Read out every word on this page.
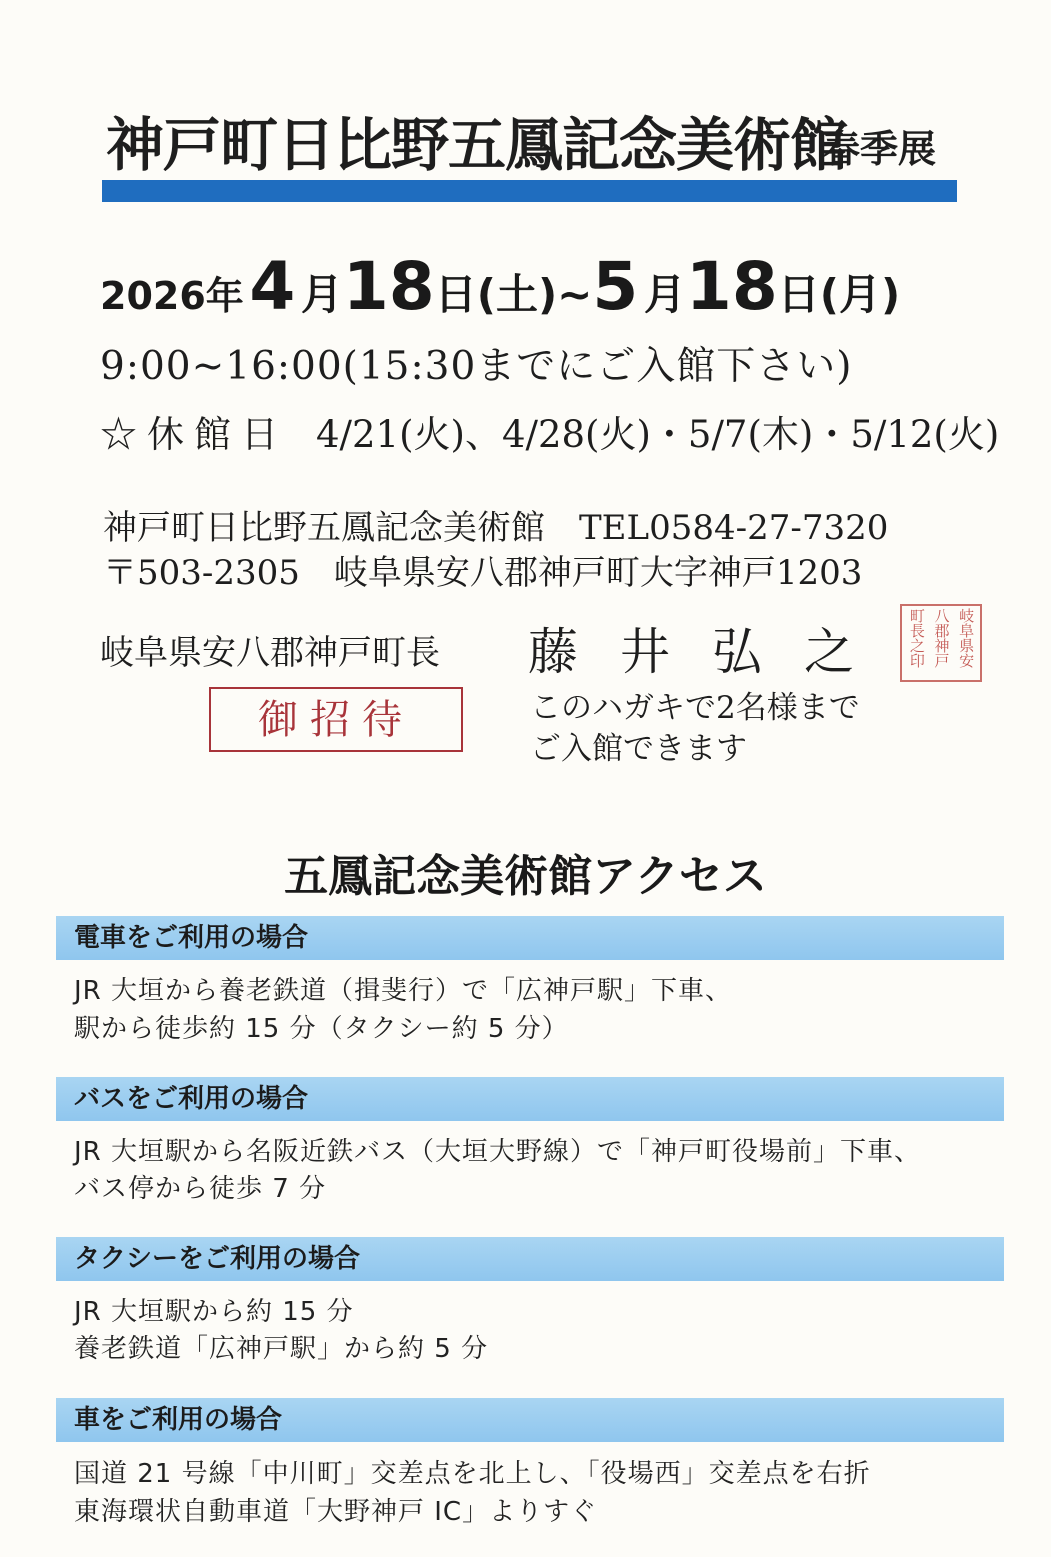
神戸町日比野五鳳記念美術館
春季展
2026年 4 月18日(土)~5 月18日(月)
9:00~16:00(15:30までにご入館下さい)
☆休館日 4/21(火)、4/28(火)・5/7(木)・5/12(火)
神戸町日比野五鳳記念美術館　TEL0584-27-7320
〒503-2305　岐阜県安八郡神戸町大字神戸1203
岐阜県安八郡神戸町長 藤井弘之	岐阜県安
八郡神戸
町長之印
御招待	このハガキで2名様まで
ご入館できます
五鳳記念美術館アクセス
電車をご利用の場合
JR 大垣から養老鉄道（揖斐行）で「広神戸駅」下車、
駅から徒歩約 15 分（タクシー約 5 分）
バスをご利用の場合
JR 大垣駅から名阪近鉄バス（大垣大野線）で「神戸町役場前」下車、
バス停から徒歩 7 分
タクシーをご利用の場合
JR 大垣駅から約 15 分
養老鉄道「広神戸駅」から約 5 分
車をご利用の場合
国道 21 号線「中川町」交差点を北上し、「役場西」交差点を右折
東海環状自動車道「大野神戸 IC」よりすぐ
